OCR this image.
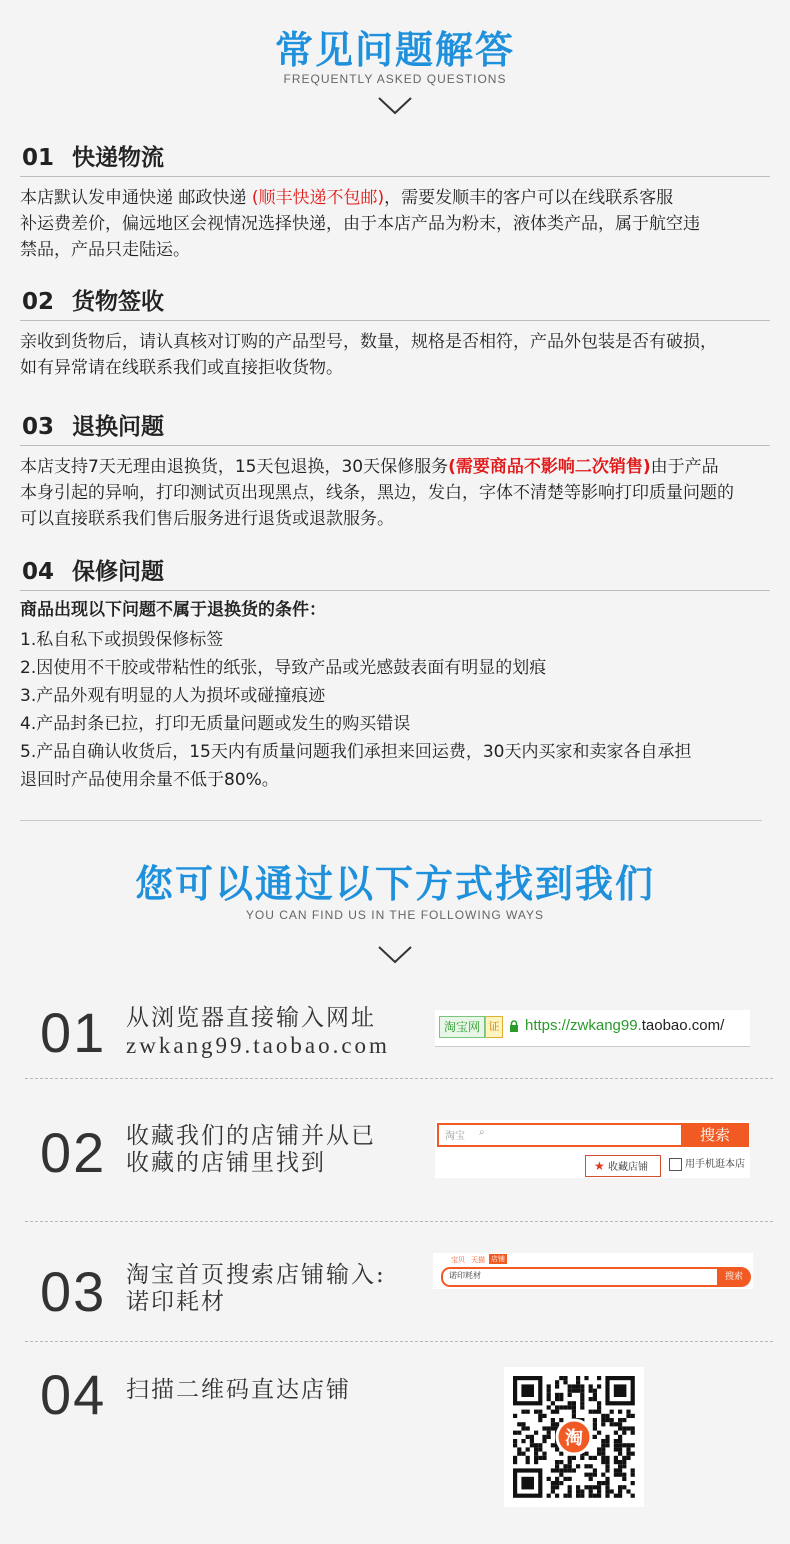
常见问题解答
FREQUENTLY ASKED QUESTIONS
01 快递物流

本店默认发申通快递 邮政快递 (顺丰快递不包邮)，需要发顺丰的客户可以在线联系客服

补运费差价，偏远地区会视情况选择快递，由于本店产品为粉末，液体类产品，属于航空违

禁品，产品只走陆运。

02 货物签收

亲收到货物后，请认真核对订购的产品型号，数量，规格是否相符，产品外包装是否有破损，

如有异常请在线联系我们或直接拒收货物。

03 退换问题

本店支持7天无理由退换货，15天包退换，30天保修服务(需要商品不影响二次销售)由于产品

本身引起的异响，打印测试页出现黑点，线条，黑边，发白，字体不清楚等影响打印质量问题的

可以直接联系我们售后服务进行退货或退款服务。

04 保修问题

商品出现以下问题不属于退换货的条件：

1.私自私下或损毁保修标签

2.因使用不干胶或带粘性的纸张，导致产品或光感鼓表面有明显的划痕

3.产品外观有明显的人为损坏或碰撞痕迹

4.产品封条已拉，打印无质量问题或发生的购买错误

5.产品自确认收货后，15天内有质量问题我们承担来回运费，30天内买家和卖家各自承担

退回时产品使用余量不低于80%。

您可以通过以下方式找到我们
YOU CAN FIND US IN THE FOLLOWING WAYS
01 从浏览器直接输入网址
zwkang99.taobao.com
淘宝网 证 https://zwkang99.taobao.com/
02 收藏我们的店铺并从已
收藏的店铺里找到
淘宝 ⌕	搜索
★ 收藏店铺	用手机逛本店
03 淘宝首页搜索店铺输入:
诺印耗材
宝贝 天猫 店铺
诺印耗材	搜索
04 扫描二维码直达店铺
淘
